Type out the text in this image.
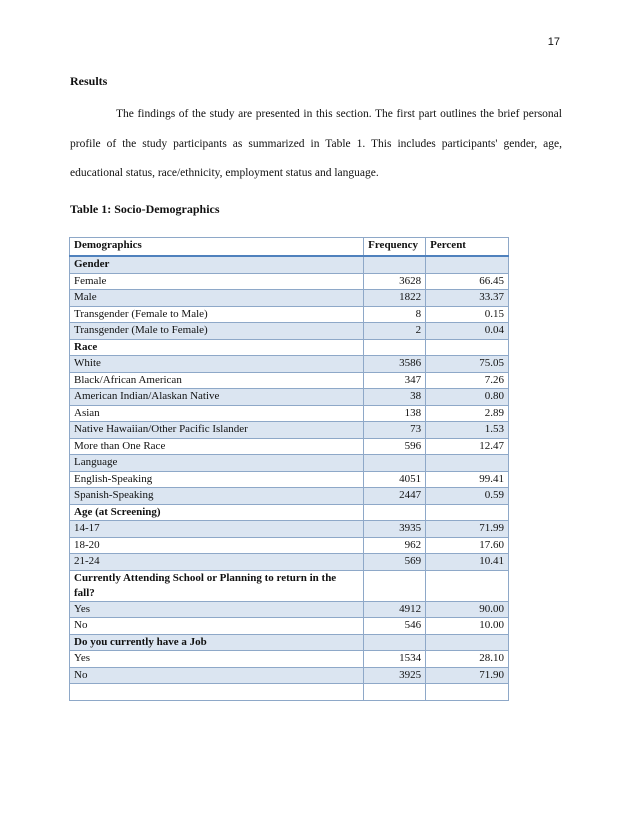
17
Results

The findings of the study are presented in this section. The first part outlines the brief personal profile of the study participants as summarized in Table 1. This includes participants' gender, age, educational status, race/ethnicity, employment status and language.

Table 1: Socio-Demographics
Demographics	Frequency	Percent
Gender		
Female	3628	66.45
Male	1822	33.37
Transgender (Female to Male)	8	0.15
Transgender (Male to Female)	2	0.04
Race		
White	3586	75.05
Black/African American	347	7.26
American Indian/Alaskan Native	38	0.80
Asian	138	2.89
Native Hawaiian/Other Pacific Islander	73	1.53
More than One Race	596	12.47
Language		
English-Speaking	4051	99.41
Spanish-Speaking	2447	0.59
Age (at Screening)		
14-17	3935	71.99
18-20	962	17.60
21-24	569	10.41
Currently Attending School or Planning to return in the fall?		
Yes	4912	90.00
No	546	10.00
Do you currently have a Job		
Yes	1534	28.10
No	3925	71.90
